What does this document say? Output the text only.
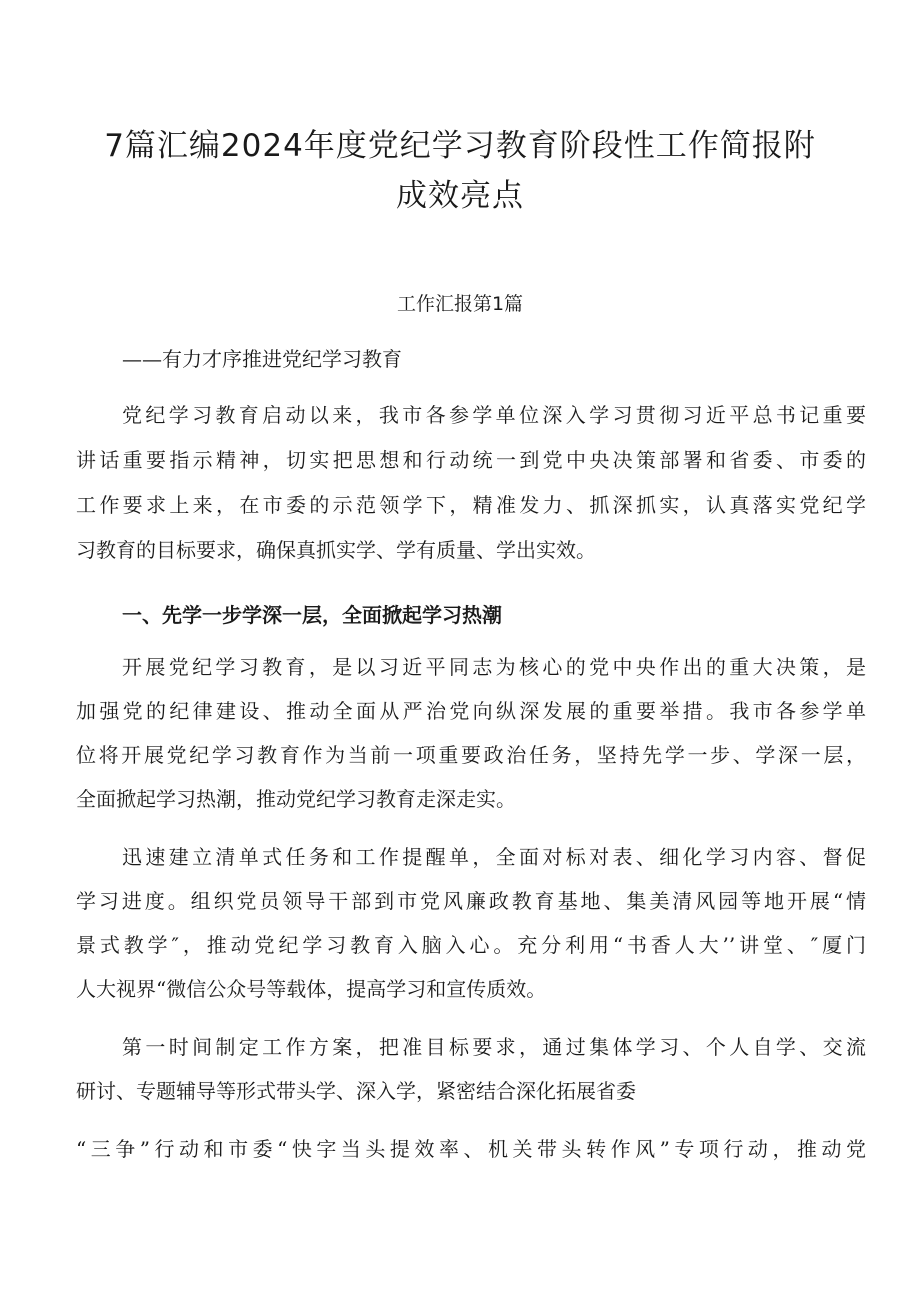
7篇汇编2024年度党纪学习教育阶段性工作简报附
成效亮点
工作汇报第1篇
——有力才序推进党纪学习教育
党纪学习教育启动以来，我市各参学单位深入学习贯彻习近平总书记重要
讲话重要指示精神，切实把思想和行动统一到党中央决策部署和省委、市委的
工作要求上来，在市委的示范领学下，精准发力、抓深抓实，认真落实党纪学
习教育的目标要求，确保真抓实学、学有质量、学出实效。
一、先学一步学深一层，全面掀起学习热潮
开展党纪学习教育，是以习近平同志为核心的党中央作出的重大决策，是
加强党的纪律建设、推动全面从严治党向纵深发展的重要举措。我市各参学单
位将开展党纪学习教育作为当前一项重要政治任务，坚持先学一步、学深一层，
全面掀起学习热潮，推动党纪学习教育走深走实。
迅速建立清单式任务和工作提醒单，全面对标对表、细化学习内容、督促
学习进度。组织党员领导干部到市党风廉政教育基地、集美清风园等地开展“情
景式教学″，推动党纪学习教育入脑入心。充分利用“书香人大’’讲堂、″厦门
人大视界“微信公众号等载体，提高学习和宣传质效。
第一时间制定工作方案，把准目标要求，通过集体学习、个人自学、交流
研讨、专题辅导等形式带头学、深入学，紧密结合深化拓展省委
“三争”行动和市委“快字当头提效率、机关带头转作风”专项行动，推动党
